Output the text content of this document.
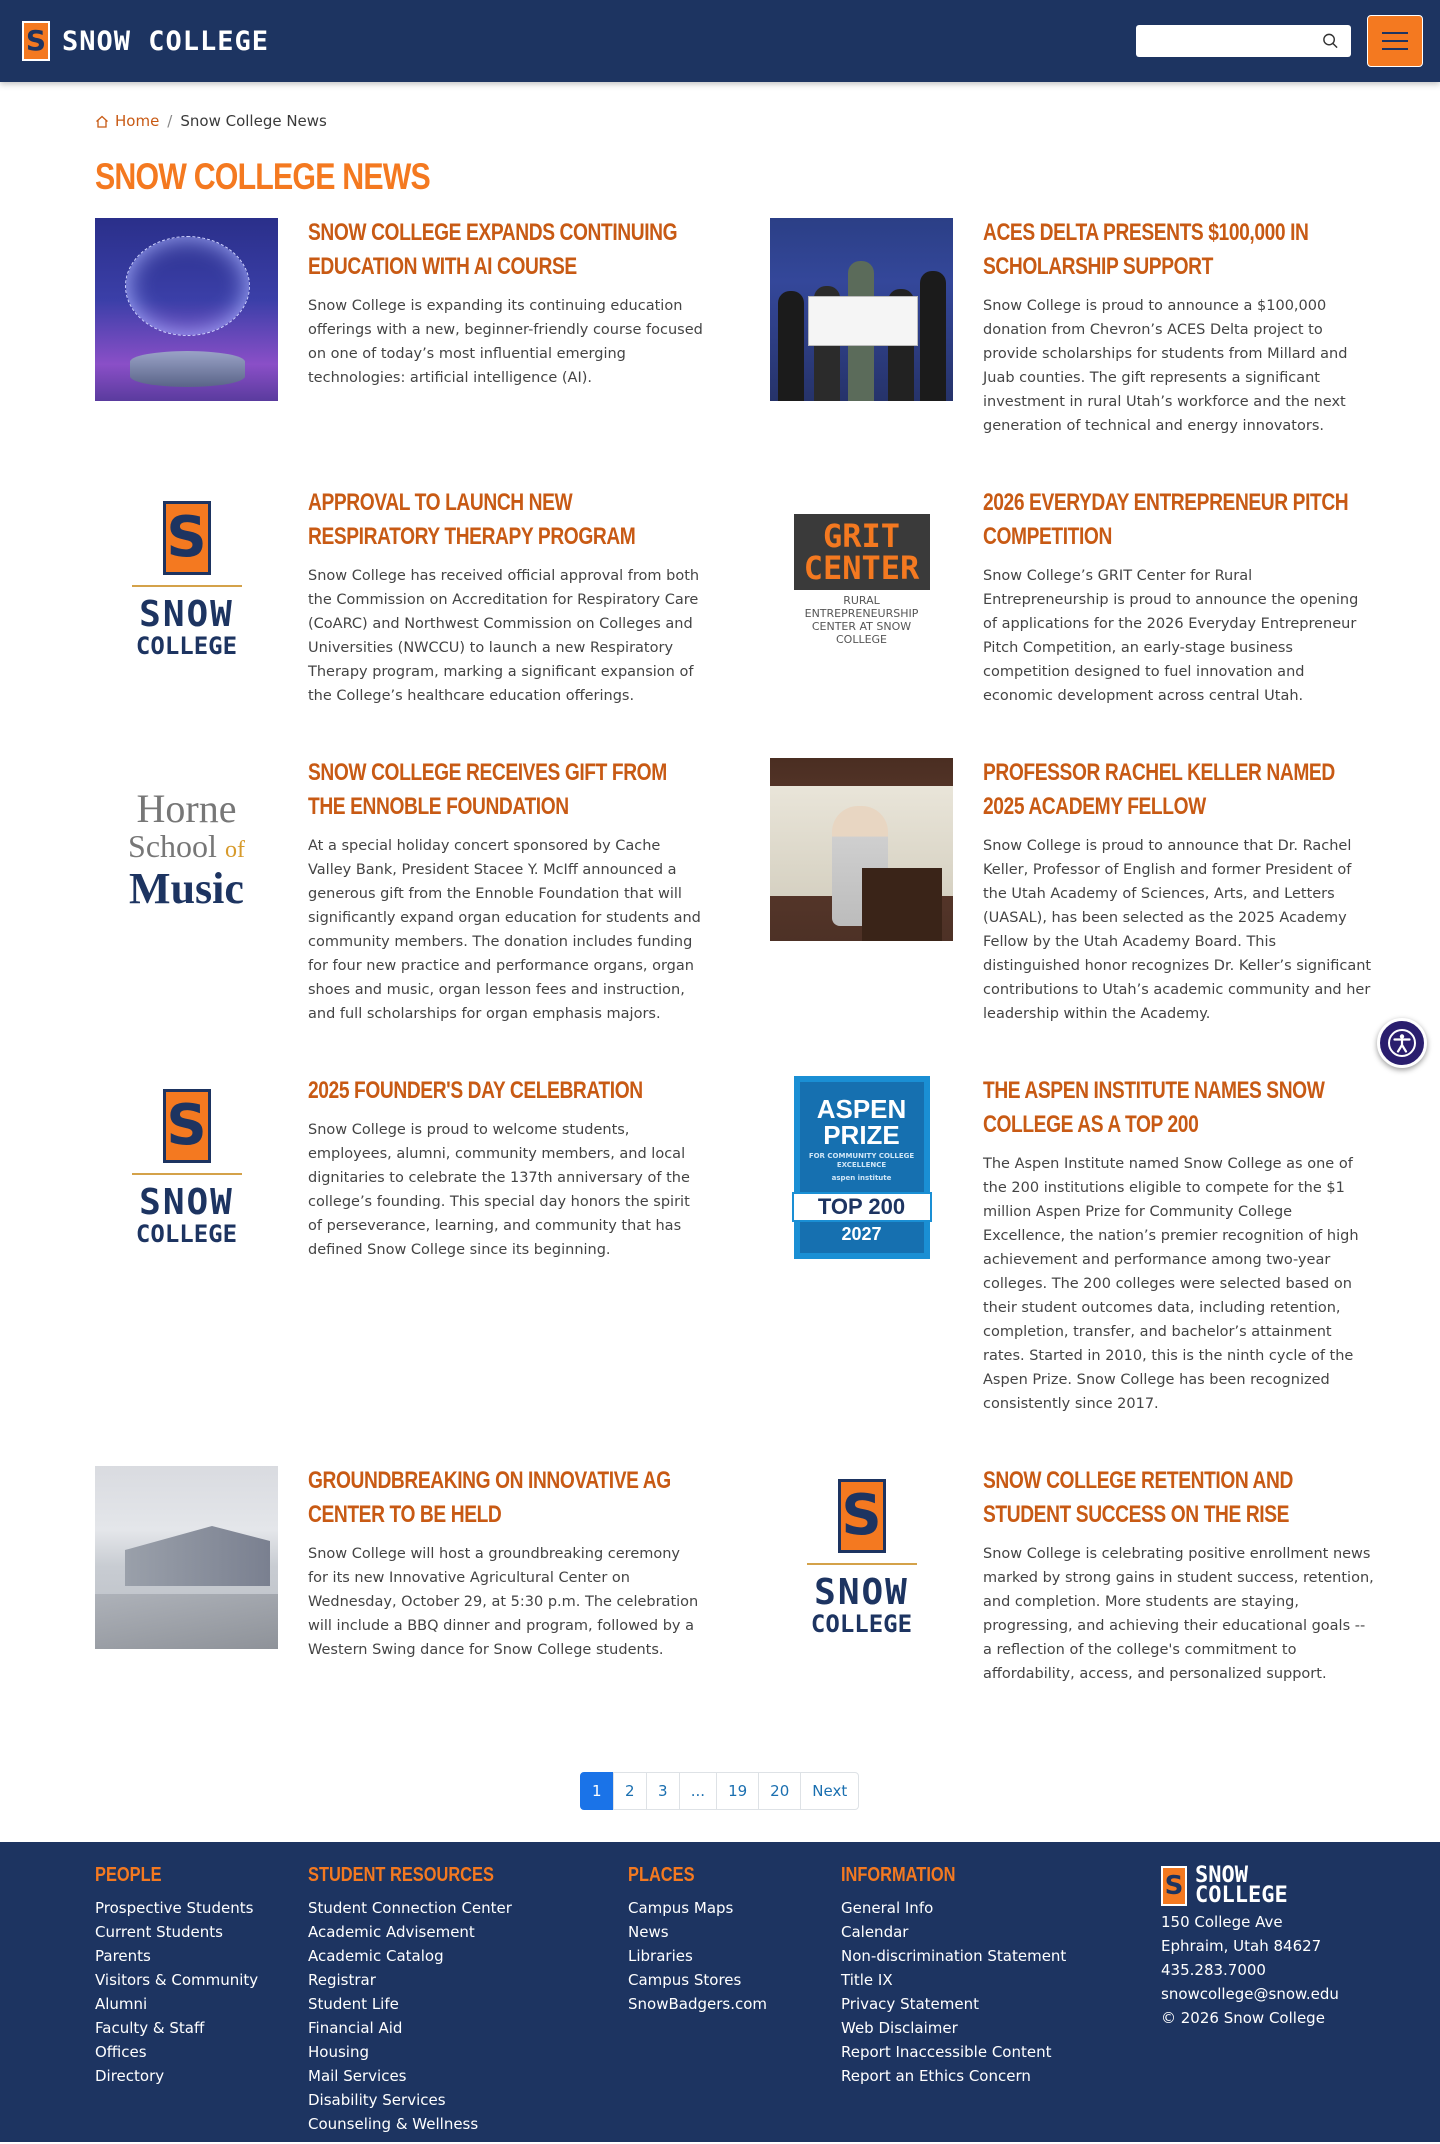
S SNOW COLLEGE
Home / Snow College News
SNOW COLLEGE NEWS
SNOW COLLEGE EXPANDS CONTINUING EDUCATION WITH AI COURSE

Snow College is expanding its continuing education offerings with a new, beginner-friendly course focused on one of today’s most influential emerging technologies: artificial intelligence (AI).

ACES DELTA PRESENTS $100,000 IN SCHOLARSHIP SUPPORT

Snow College is proud to announce a $100,000 donation from Chevron’s ACES Delta project to provide scholarships for students from Millard and Juab counties. The gift represents a significant investment in rural Utah’s workforce and the next generation of technical and energy innovators.

S
SNOW
COLLEGE
APPROVAL TO LAUNCH NEW RESPIRATORY THERAPY PROGRAM

Snow College has received official approval from both the Commission on Accreditation for Respiratory Care (CoARC) and Northwest Commission on Colleges and Universities (NWCCU) to launch a new Respiratory Therapy program, marking a significant expansion of the College’s healthcare education offerings.

GRIT
CENTER
RURAL ENTREPRENEURSHIP CENTER AT SNOW COLLEGE
2026 EVERYDAY ENTREPRENEUR PITCH COMPETITION

Snow College’s GRIT Center for Rural Entrepreneurship is proud to announce the opening of applications for the 2026 Everyday Entrepreneur Pitch Competition, an early-stage business competition designed to fuel innovation and economic development across central Utah.

Horne
School of
Music
SNOW COLLEGE RECEIVES GIFT FROM THE ENNOBLE FOUNDATION

At a special holiday concert sponsored by Cache Valley Bank, President Stacee Y. McIff announced a generous gift from the Ennoble Foundation that will significantly expand organ education for students and community members. The donation includes funding for four new practice and performance organs, organ shoes and music, organ lesson fees and instruction, and full scholarships for organ emphasis majors.

PROFESSOR RACHEL KELLER NAMED 2025 ACADEMY FELLOW

Snow College is proud to announce that Dr. Rachel Keller, Professor of English and former President of the Utah Academy of Sciences, Arts, and Letters (UASAL), has been selected as the 2025 Academy Fellow by the Utah Academy Board. This distinguished honor recognizes Dr. Keller’s significant contributions to Utah’s academic community and her leadership within the Academy.

S
SNOW
COLLEGE
2025 FOUNDER'S DAY CELEBRATION

Snow College is proud to welcome students, employees, alumni, community members, and local dignitaries to celebrate the 137th anniversary of the college’s founding. This special day honors the spirit of perseverance, learning, and community that has defined Snow College since its beginning.

ASPEN
PRIZE
FOR COMMUNITY COLLEGE EXCELLENCE
aspen institute
TOP 200
2027
THE ASPEN INSTITUTE NAMES SNOW COLLEGE AS A TOP 200

The Aspen Institute named Snow College as one of the 200 institutions eligible to compete for the $1 million Aspen Prize for Community College Excellence, the nation’s premier recognition of high achievement and performance among two-year colleges. The 200 colleges were selected based on their student outcomes data, including retention, completion, transfer, and bachelor’s attainment rates. Started in 2010, this is the ninth cycle of the Aspen Prize. Snow College has been recognized consistently since 2017.

GROUNDBREAKING ON INNOVATIVE AG CENTER TO BE HELD

Snow College will host a groundbreaking ceremony for its new Innovative Agricultural Center on Wednesday, October 29, at 5:30 p.m. The celebration will include a BBQ dinner and program, followed by a Western Swing dance for Snow College students.

S
SNOW
COLLEGE
SNOW COLLEGE RETENTION AND STUDENT SUCCESS ON THE RISE

Snow College is celebrating positive enrollment news marked by strong gains in student success, retention, and completion. More students are staying, progressing, and achieving their educational goals -- a reflection of the college's commitment to affordability, access, and personalized support.

1	2	3	...	19	20	Next
PEOPLE
Prospective Students
Current Students
Parents
Visitors & Community
Alumni
Faculty & Staff
Offices
Directory
STUDENT RESOURCES
Student Connection Center
Academic Advisement
Academic Catalog
Registrar
Student Life
Financial Aid
Housing
Mail Services
Disability Services
Counseling & Wellness
PLACES
Campus Maps
News
Libraries
Campus Stores
SnowBadgers.com
INFORMATION
General Info
Calendar
Non-discrimination Statement
Title IX
Privacy Statement
Web Disclaimer
Report Inaccessible Content
Report an Ethics Concern
S SNOW
COLLEGE

150 College Ave

Ephraim, Utah 84627

435.283.7000
snowcollege@snow.edu

© 2026 Snow College
